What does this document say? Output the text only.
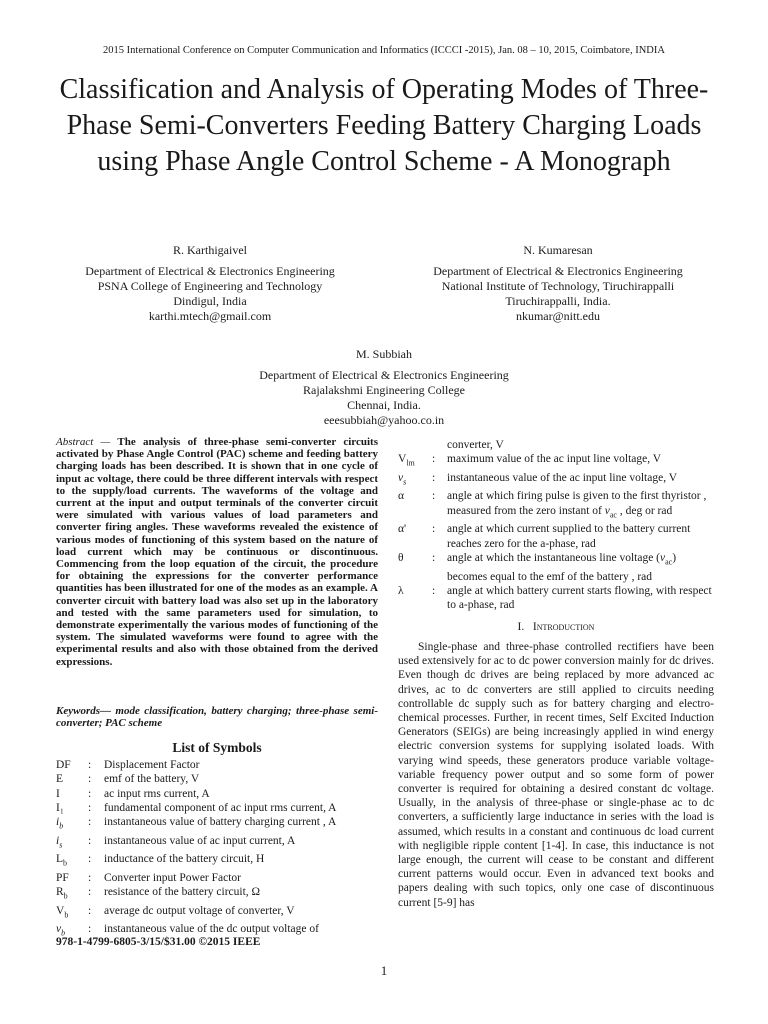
2015 International Conference on Computer Communication and Informatics (ICCCI -2015), Jan. 08 – 10, 2015, Coimbatore, INDIA
Classification and Analysis of Operating Modes of Three-Phase Semi-Converters Feeding Battery Charging Loads using Phase Angle Control Scheme - A Monograph
R. Karthigaivel
Department of Electrical & Electronics Engineering
PSNA College of Engineering and Technology
Dindigul, India
karthi.mtech@gmail.com
N. Kumaresan
Department of Electrical & Electronics Engineering
National Institute of Technology, Tiruchirappalli
Tiruchirappalli, India.
nkumar@nitt.edu
M. Subbiah
Department of Electrical & Electronics Engineering
Rajalakshmi Engineering College
Chennai, India.
eeesubbiah@yahoo.co.in
Abstract — The analysis of three-phase semi-converter circuits activated by Phase Angle Control (PAC) scheme and feeding battery charging loads has been described. It is shown that in one cycle of input ac voltage, there could be three different intervals with respect to the supply/load currents. The waveforms of the voltage and current at the input and output terminals of the converter circuit were simulated with various values of load parameters and converter firing angles. These waveforms revealed the existence of various modes of functioning of this system based on the nature of load current which may be continuous or discontinuous. Commencing from the loop equation of the circuit, the procedure for obtaining the expressions for the converter performance quantities has been illustrated for one of the modes as an example. A converter circuit with battery load was also set up in the laboratory and tested with the same parameters used for simulation, to demonstrate experimentally the various modes of functioning of the system. The simulated waveforms were found to agree with the experimental results and also with those obtained from the derived expressions.
Keywords— mode classification, battery charging; three-phase semi-converter; PAC scheme
List of Symbols
DF	:	Displacement Factor
E	:	emf of the battery, V
I	:	ac input rms current, A
I₁	:	fundamental component of ac input rms current, A
$i_b$	:	instantaneous value of battery charging current , A
$i_s$	:	instantaneous value of ac input current, A
$L_b$	:	inductance of the battery circuit, H
PF	:	Converter input Power Factor
$R_b$	:	resistance of the battery circuit, Ω
$V_b$	:	average dc output voltage of converter, V
$v_b$	:	instantaneous value of the dc output voltage of
978-1-4799-6805-3/15/$31.00 ©2015 IEEE
converter, V
$V_{lm}$	:	maximum value of the ac input line voltage, V
$v_s$	:	instantaneous value of the ac input line voltage, V
α	:	angle at which firing pulse is given to the first thyristor , measured from the zero instant of $v_{ac}$ , deg or rad
α'	:	angle at which current supplied to the battery current reaches zero for the a-phase, rad
θ	:	angle at which the instantaneous line voltage $(v_{ac})$ becomes equal to the emf of the battery , rad
λ	:	angle at which battery current starts flowing, with respect to a-phase, rad
I. Introduction
Single-phase and three-phase controlled rectifiers have been used extensively for ac to dc power conversion mainly for dc drives. Even though dc drives are being replaced by more advanced ac drives, ac to dc converters are still applied to circuits needing controllable dc supply such as for battery charging and electro-chemical processes. Further, in recent times, Self Excited Induction Generators (SEIGs) are being increasingly applied in wind energy electric conversion systems for supplying isolated loads. With varying wind speeds, these generators produce variable voltage- variable frequency power output and so some form of power converter is required for obtaining a desired constant dc voltage. Usually, in the analysis of three-phase or single-phase ac to dc converters, a sufficiently large inductance in series with the load is assumed, which results in a constant and continuous dc load current with negligible ripple content [1-4]. In case, this inductance is not large enough, the current will cease to be constant and different current patterns would occur. Even in advanced text books and papers dealing with such topics, only one case of discontinuous current [5-9] has
1
